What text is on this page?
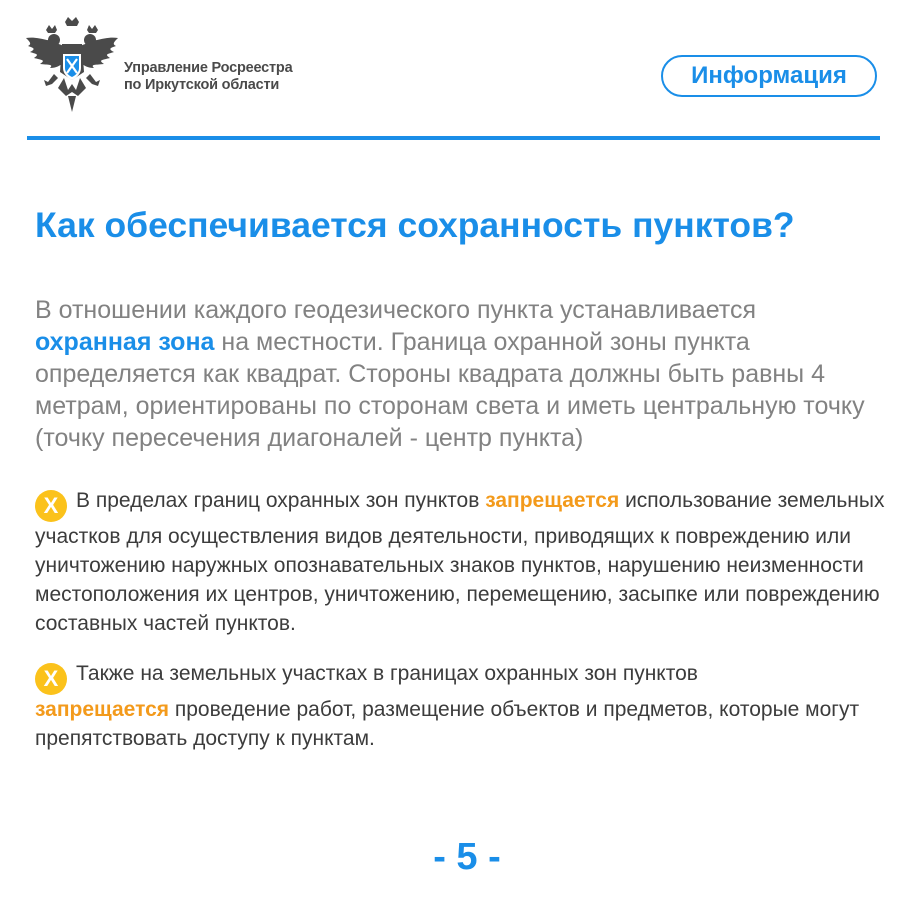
Управление Росреестра
по Иркутской области	Информация
Как обеспечивается сохранность пунктов?
В отношении каждого геодезического пункта устанавливается
охранная зона на местности. Граница охранной зоны пункта определяется как квадрат. Стороны квадрата должны быть равны 4 метрам, ориентированы по сторонам света и иметь центральную точку (точку пересечения диагоналей - центр пункта)
X В пределах границ охранных зон пунктов запрещается использование земельных участков для осуществления видов деятельности, приводящих к повреждению или уничтожению наружных опознавательных знаков пунктов, нарушению неизменности местоположения их центров, уничтожению, перемещению, засыпке или повреждению составных частей пунктов.
X Также на земельных участках в границах охранных зон пунктов
запрещается проведение работ, размещение объектов и предметов, которые могут препятствовать доступу к пунктам.
- 5 -
